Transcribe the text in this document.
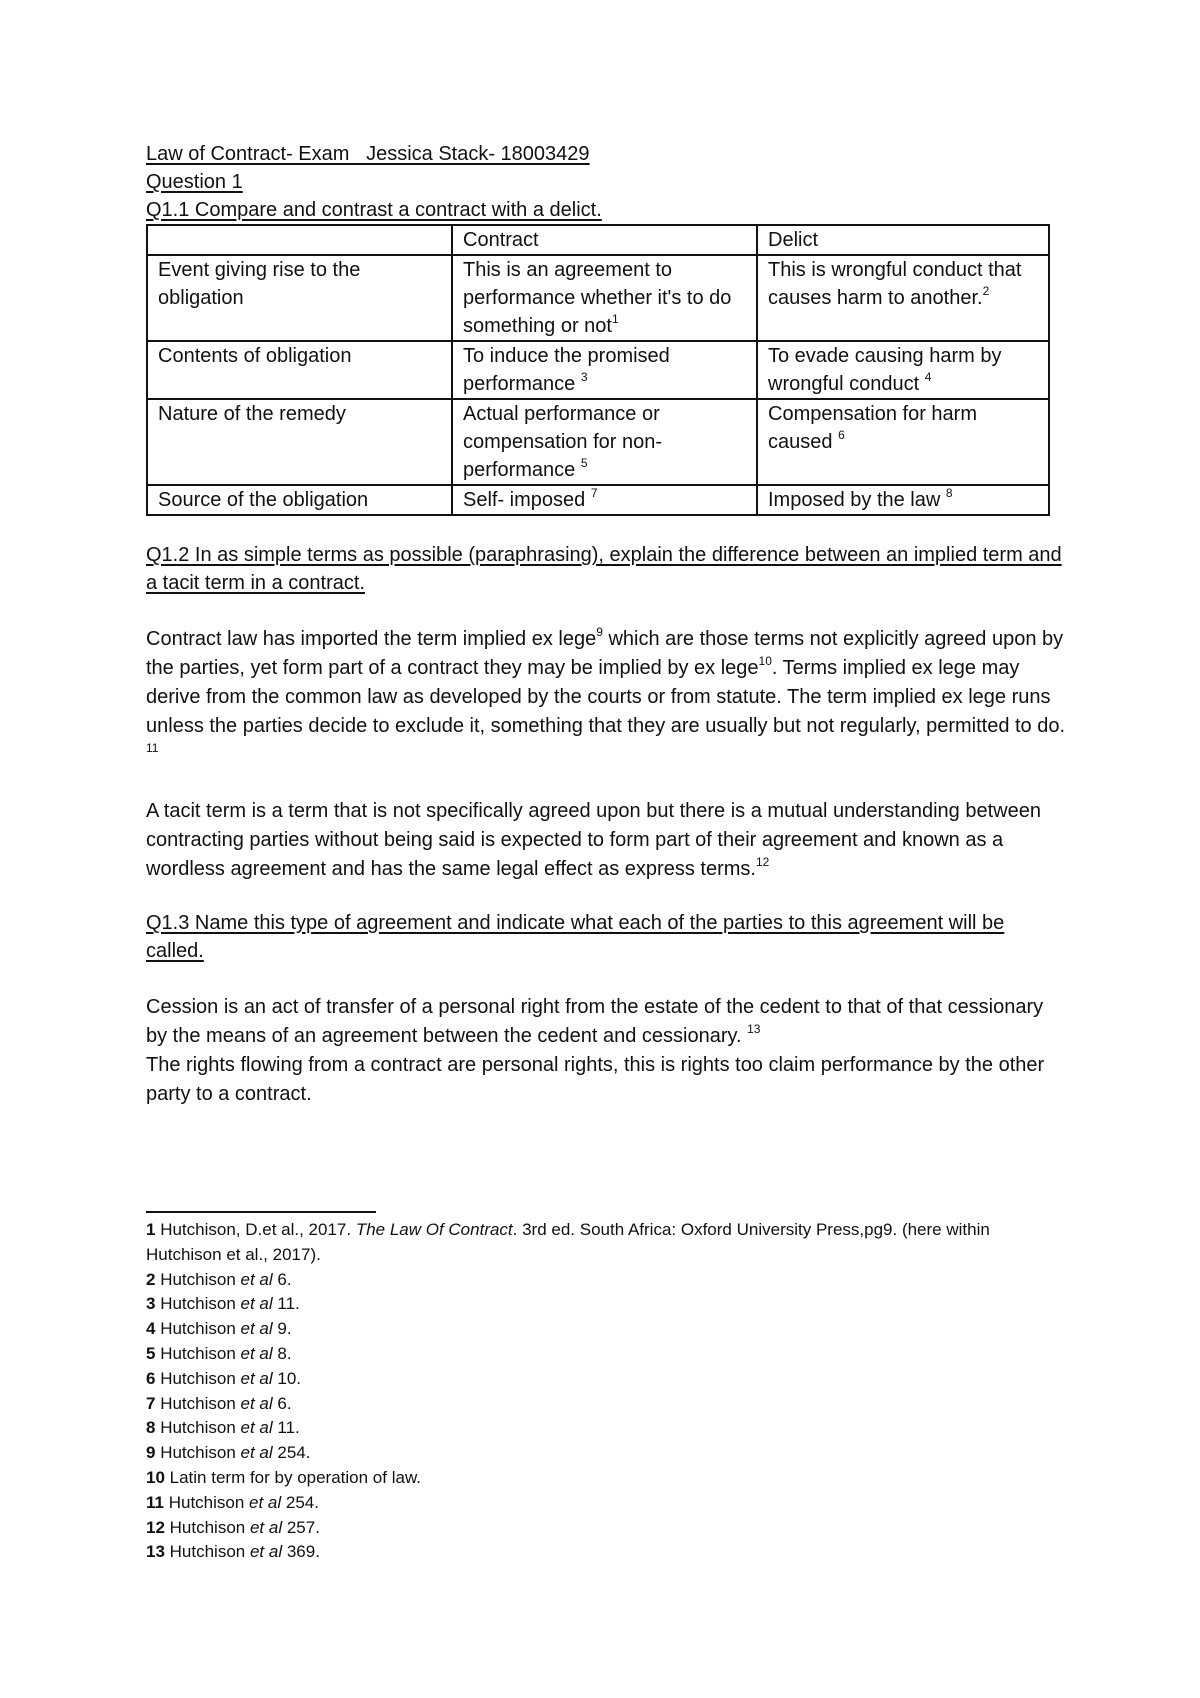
Law of Contract- Exam   Jessica Stack- 18003429
Question 1
Q1.1 Compare and contrast a contract with a delict.
	Contract	Delict
Event giving rise to the obligation	This is an agreement to performance whether it's to do something or not$^1$	This is wrongful conduct that causes harm to another.$^2$
Contents of obligation	To induce the promised performance $^3$	To evade causing harm by wrongful conduct $^4$
Nature of the remedy	Actual performance or compensation for non-performance $^5$	Compensation for harm caused $^6$
Source of the obligation	Self- imposed $^7$	Imposed by the law $^8$
Q1.2 In as simple terms as possible (paraphrasing), explain the difference between an implied term and a tacit term in a contract.
Contract law has imported the term implied ex lege$^9$ which are those terms not explicitly agreed upon by the parties, yet form part of a contract they may be implied by ex lege$^{10}$. Terms implied ex lege may derive from the common law as developed by the courts or from statute. The term implied ex lege runs unless the parties decide to exclude it, something that they are usually but not regularly, permitted to do. $^{11}$
A tacit term is a term that is not specifically agreed upon but there is a mutual understanding between contracting parties without being said is expected to form part of their agreement and known as a wordless agreement and has the same legal effect as express terms.$^{12}$
Q1.3 Name this type of agreement and indicate what each of the parties to this agreement will be called.
Cession is an act of transfer of a personal right from the estate of the cedent to that of that cessionary by the means of an agreement between the cedent and cessionary. $^{13}$
The rights flowing from a contract are personal rights, this is rights too claim performance by the other party to a contract.
1 Hutchison, D.et al., 2017. The Law Of Contract. 3rd ed. South Africa: Oxford University Press,pg9. (here within Hutchison et al., 2017).
2 Hutchison et al 6.
3 Hutchison et al 11.
4 Hutchison et al 9.
5 Hutchison et al 8.
6 Hutchison et al 10.
7 Hutchison et al 6.
8 Hutchison et al 11.
9 Hutchison et al 254.
10 Latin term for by operation of law.
11 Hutchison et al 254.
12 Hutchison et al 257.
13 Hutchison et al 369.
